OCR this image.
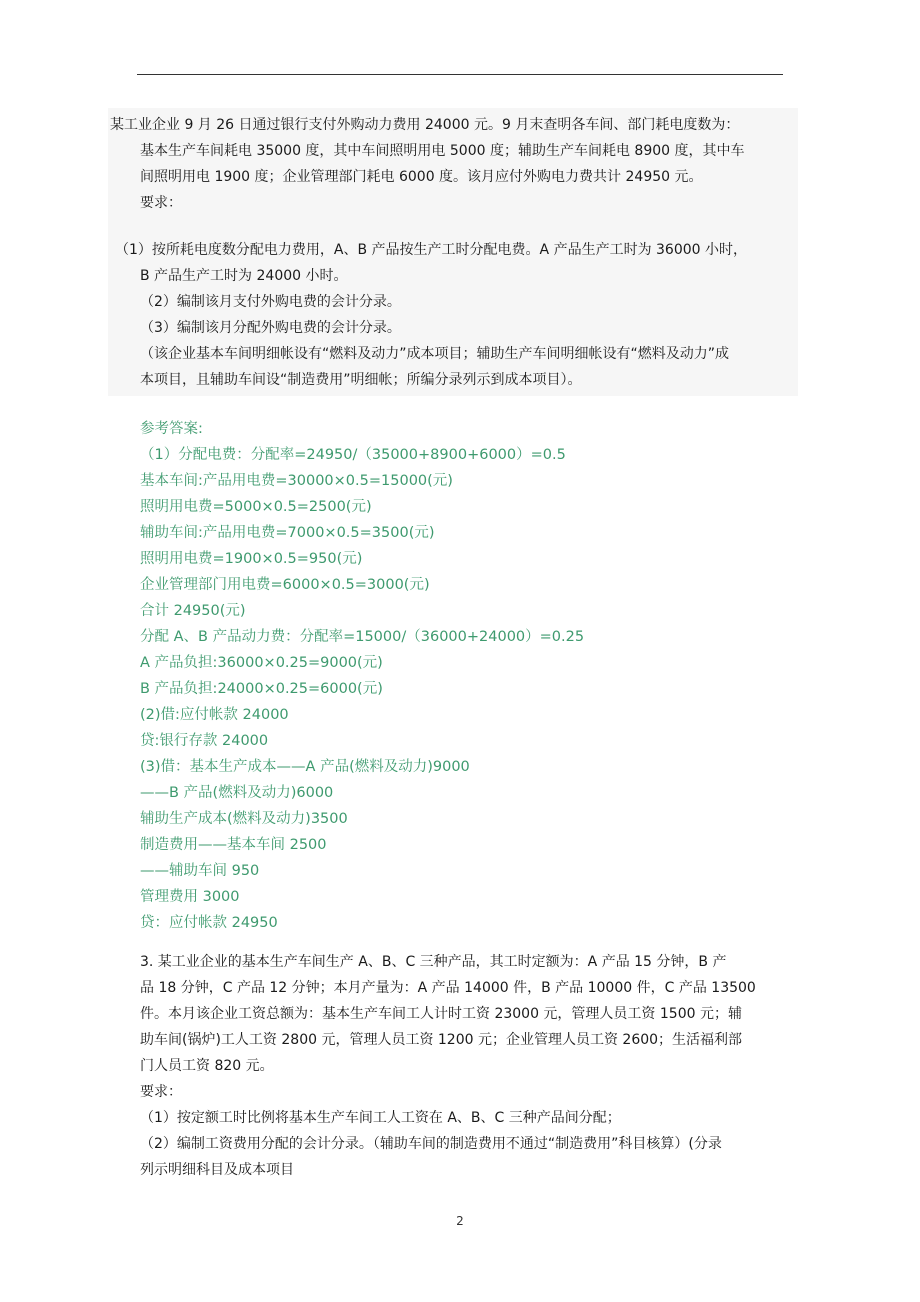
某工业企业 9 月 26 日通过银行支付外购动力费用 24000 元。9 月末查明各车间、部门耗电度数为：
基本生产车间耗电 35000 度，其中车间照明用电 5000 度；辅助生产车间耗电 8900 度，其中车
间照明用电 1900 度；企业管理部门耗电 6000 度。该月应付外购电力费共计 24950 元。
要求：
（1）按所耗电度数分配电力费用，A、B 产品按生产工时分配电费。A 产品生产工时为 36000 小时，
B 产品生产工时为 24000 小时。
（2）编制该月支付外购电费的会计分录。
（3）编制该月分配外购电费的会计分录。
（该企业基本车间明细帐设有“燃料及动力”成本项目；辅助生产车间明细帐设有“燃料及动力”成
本项目，且辅助车间设“制造费用”明细帐；所编分录列示到成本项目）。
参考答案:
（1）分配电费：分配率=24950/（35000+8900+6000）=0.5
基本车间:产品用电费=30000×0.5=15000(元)
照明用电费=5000×0.5=2500(元)
辅助车间:产品用电费=7000×0.5=3500(元)
照明用电费=1900×0.5=950(元)
企业管理部门用电费=6000×0.5=3000(元)
合计 24950(元)
分配 A、B 产品动力费：分配率=15000/（36000+24000）=0.25
A 产品负担:36000×0.25=9000(元)
B 产品负担:24000×0.25=6000(元)
(2)借:应付帐款 24000
贷:银行存款 24000
(3)借：基本生产成本——A 产品(燃料及动力)9000
——B 产品(燃料及动力)6000
辅助生产成本(燃料及动力)3500
制造费用——基本车间 2500
——辅助车间 950
管理费用 3000
贷：应付帐款 24950
3. 某工业企业的基本生产车间生产 A、B、C 三种产品，其工时定额为：A 产品 15 分钟，B 产
品 18 分钟，C 产品 12 分钟；本月产量为：A 产品 14000 件，B 产品 10000 件，C 产品 13500
件。本月该企业工资总额为：基本生产车间工人计时工资 23000 元，管理人员工资 1500 元；辅
助车间(锅炉)工人工资 2800 元，管理人员工资 1200 元；企业管理人员工资 2600；生活福利部
门人员工资 820 元。
要求：
（1）按定额工时比例将基本生产车间工人工资在 A、B、C 三种产品间分配；
（2）编制工资费用分配的会计分录。（辅助车间的制造费用不通过“制造费用”科目核算）(分录
列示明细科目及成本项目
2
